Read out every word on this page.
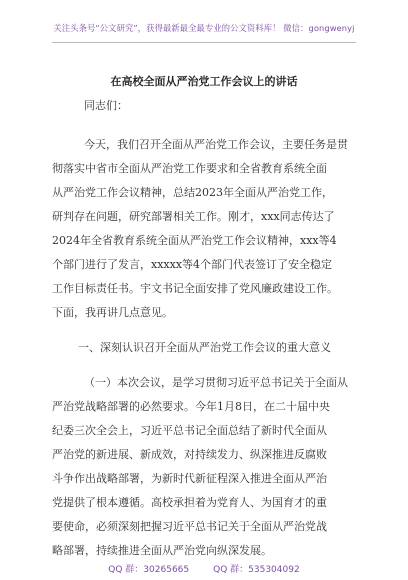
关注头条号“公文研究”，获得最新最全最专业的公文资料库！ 微信：gongwenyj
在高校全面从严治党工作会议上的讲话
同志们：
今天，我们召开全面从严治党工作会议，主要任务是贯
彻落实中省市全面从严治党工作要求和全省教育系统全面
从严治党工作会议精神，总结2023年全面从严治党工作，
研判存在问题，研究部署相关工作。刚才，xxx同志传达了
2024年全省教育系统全面从严治党工作会议精神，xxx等4
个部门进行了发言，xxxxx等4个部门代表签订了安全稳定
工作目标责任书。宇文书记全面安排了党风廉政建设工作。
下面，我再讲几点意见。
一、深刻认识召开全面从严治党工作会议的重大意义
（一）本次会议，是学习贯彻习近平总书记关于全面从
严治党战略部署的必然要求。今年1月8日，在二十届中央
纪委三次全会上，习近平总书记全面总结了新时代全面从
严治党的新进展、新成效，对持续发力、纵深推进反腐败
斗争作出战略部署，为新时代新征程深入推进全面从严治
党提供了根本遵循。高校承担着为党育人、为国育才的重
要使命，必须深刻把握习近平总书记关于全面从严治党战
略部署，持续推进全面从严治党向纵深发展。
QQ 群：30265665	QQ 群：535304092
